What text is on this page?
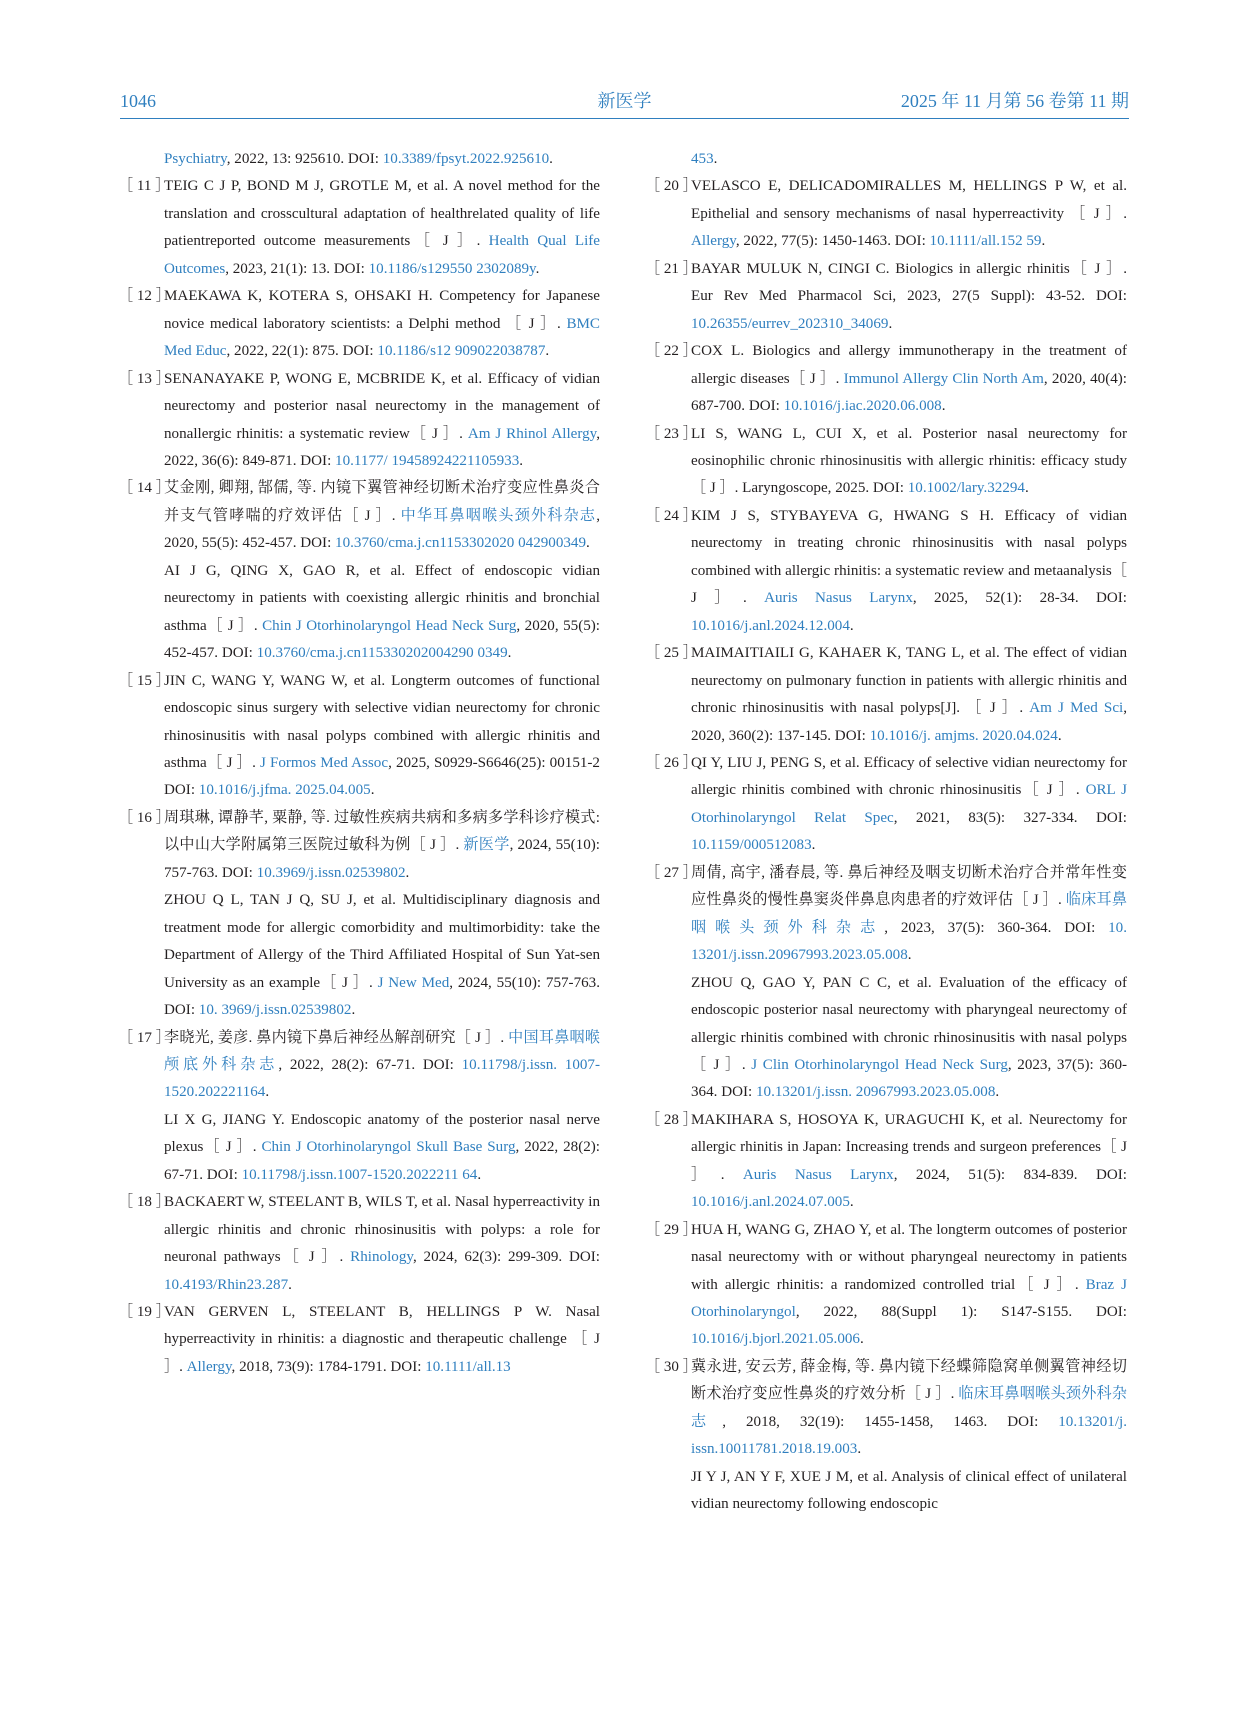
1046	新医学	2025 年 11 月第 56 卷第 11 期
Psychiatry, 2022, 13: 925610. DOI: 10.3389/fpsyt.2022.925610.
［ 11 ］
TEIG C J P, BOND M J, GROTLE M, et al. A novel method for the translation and crosscultural adaptation of healthrelated quality of life patientreported outcome measurements［ J ］. Health Qual Life Outcomes, 2023, 21(1): 13. DOI: 10.1186/s129550 2302089y.
［ 12 ］
MAEKAWA K, KOTERA S, OHSAKI H. Competency for Japanese novice medical laboratory scientists: a Delphi method ［ J ］. BMC Med Educ, 2022, 22(1): 875. DOI: 10.1186/s12 909022038787.
［ 13 ］
SENANAYAKE P, WONG E, MCBRIDE K, et al. Efficacy of vidian neurectomy and posterior nasal neurectomy in the management of nonallergic rhinitis: a systematic review［ J ］. Am J Rhinol Allergy, 2022, 36(6): 849-871. DOI: 10.1177/ 19458924221105933.
［ 14 ］
艾金刚, 卿翔, 郜儒, 等. 内镜下翼管神经切断术治疗变应性鼻炎合并支气管哮喘的疗效评估［ J ］. 中华耳鼻咽喉头颈外科杂志, 2020, 55(5): 452-457. DOI: 10.3760/cma.j.cn1153302020 042900349.
AI J G, QING X, GAO R, et al. Effect of endoscopic vidian neurectomy in patients with coexisting allergic rhinitis and bronchial asthma［ J ］. Chin J Otorhinolaryngol Head Neck Surg, 2020, 55(5): 452-457. DOI: 10.3760/cma.j.cn115330202004290 0349.
［ 15 ］
JIN C, WANG Y, WANG W, et al. Longterm outcomes of functional endoscopic sinus surgery with selective vidian neurectomy for chronic rhinosinusitis with nasal polyps combined with allergic rhinitis and asthma［ J ］. J Formos Med Assoc, 2025, S0929-S6646(25): 00151-2 DOI: 10.1016/j.jfma. 2025.04.005.
［ 16 ］
周琪琳, 谭静芊, 粟静, 等. 过敏性疾病共病和多病多学科诊疗模式: 以中山大学附属第三医院过敏科为例［ J ］. 新医学, 2024, 55(10): 757-763. DOI: 10.3969/j.issn.02539802.
ZHOU Q L, TAN J Q, SU J, et al. Multidisciplinary diagnosis and treatment mode for allergic comorbidity and multimorbidity: take the Department of Allergy of the Third Affiliated Hospital of Sun Yat-sen University as an example［ J ］. J New Med, 2024, 55(10): 757-763. DOI: 10. 3969/j.issn.02539802.
［ 17 ］
李晓光, 姜彦. 鼻内镜下鼻后神经丛解剖研究［ J ］. 中国耳鼻咽喉颅底外科杂志, 2022, 28(2): 67-71. DOI: 10.11798/j.issn. 1007-1520.202221164.
LI X G, JIANG Y. Endoscopic anatomy of the posterior nasal nerve plexus［ J ］. Chin J Otorhinolaryngol Skull Base Surg, 2022, 28(2): 67-71. DOI: 10.11798/j.issn.1007-1520.2022211 64.
［ 18 ］
BACKAERT W, STEELANT B, WILS T, et al. Nasal hyperreactivity in allergic rhinitis and chronic rhinosinusitis with polyps: a role for neuronal pathways［ J ］. Rhinology, 2024, 62(3): 299-309. DOI: 10.4193/Rhin23.287.
［ 19 ］
VAN GERVEN L, STEELANT B, HELLINGS P W. Nasal hyperreactivity in rhinitis: a diagnostic and therapeutic challenge ［ J ］. Allergy, 2018, 73(9): 1784-1791. DOI: 10.1111/all.13
453.
［ 20 ］
VELASCO E, DELICADOMIRALLES M, HELLINGS P W, et al. Epithelial and sensory mechanisms of nasal hyperreactivity ［ J ］. Allergy, 2022, 77(5): 1450-1463. DOI: 10.1111/all.152 59.
［ 21 ］
BAYAR MULUK N, CINGI C. Biologics in allergic rhinitis［ J ］. Eur Rev Med Pharmacol Sci, 2023, 27(5 Suppl): 43-52. DOI: 10.26355/eurrev_202310_34069.
［ 22 ］
COX L. Biologics and allergy immunotherapy in the treatment of allergic diseases［ J ］. Immunol Allergy Clin North Am, 2020, 40(4): 687-700. DOI: 10.1016/j.iac.2020.06.008.
［ 23 ］
LI S, WANG L, CUI X, et al. Posterior nasal neurectomy for eosinophilic chronic rhinosinusitis with allergic rhinitis: efficacy study［ J ］. Laryngoscope, 2025. DOI: 10.1002/lary.32294.
［ 24 ］
KIM J S, STYBAYEVA G, HWANG S H. Efficacy of vidian neurectomy in treating chronic rhinosinusitis with nasal polyps combined with allergic rhinitis: a systematic review and metaanalysis［ J ］. Auris Nasus Larynx, 2025, 52(1): 28-34. DOI: 10.1016/j.anl.2024.12.004.
［ 25 ］
MAIMAITIAILI G, KAHAER K, TANG L, et al. The effect of vidian neurectomy on pulmonary function in patients with allergic rhinitis and chronic rhinosinusitis with nasal polyps[J]. ［ J ］. Am J Med Sci, 2020, 360(2): 137-145. DOI: 10.1016/j. amjms. 2020.04.024.
［ 26 ］
QI Y, LIU J, PENG S, et al. Efficacy of selective vidian neurectomy for allergic rhinitis combined with chronic rhinosinusitis［ J ］. ORL J Otorhinolaryngol Relat Spec, 2021, 83(5): 327-334. DOI: 10.1159/000512083.
［ 27 ］
周倩, 高宇, 潘春晨, 等. 鼻后神经及咽支切断术治疗合并常年性变应性鼻炎的慢性鼻窦炎伴鼻息肉患者的疗效评估［ J ］. 临床耳鼻咽喉头颈外科杂志, 2023, 37(5): 360-364. DOI: 10. 13201/j.issn.20967993.2023.05.008.
ZHOU Q, GAO Y, PAN C C, et al. Evaluation of the efficacy of endoscopic posterior nasal neurectomy with pharyngeal neurectomy of allergic rhinitis combined with chronic rhinosinusitis with nasal polyps［ J ］. J Clin Otorhinolaryngol Head Neck Surg, 2023, 37(5): 360-364. DOI: 10.13201/j.issn. 20967993.2023.05.008.
［ 28 ］
MAKIHARA S, HOSOYA K, URAGUCHI K, et al. Neurectomy for allergic rhinitis in Japan: Increasing trends and surgeon preferences［ J ］. Auris Nasus Larynx, 2024, 51(5): 834-839. DOI: 10.1016/j.anl.2024.07.005.
［ 29 ］
HUA H, WANG G, ZHAO Y, et al. The longterm outcomes of posterior nasal neurectomy with or without pharyngeal neurectomy in patients with allergic rhinitis: a randomized controlled trial［ J ］. Braz J Otorhinolaryngol, 2022, 88(Suppl 1): S147-S155. DOI: 10.1016/j.bjorl.2021.05.006.
［ 30 ］
冀永进, 安云芳, 薛金梅, 等. 鼻内镜下经蝶筛隐窝单侧翼管神经切断术治疗变应性鼻炎的疗效分析［ J ］. 临床耳鼻咽喉头颈外科杂志, 2018, 32(19): 1455-1458, 1463. DOI: 10.13201/j. issn.10011781.2018.19.003.
JI Y J, AN Y F, XUE J M, et al. Analysis of clinical effect of unilateral vidian neurectomy following endoscopic
